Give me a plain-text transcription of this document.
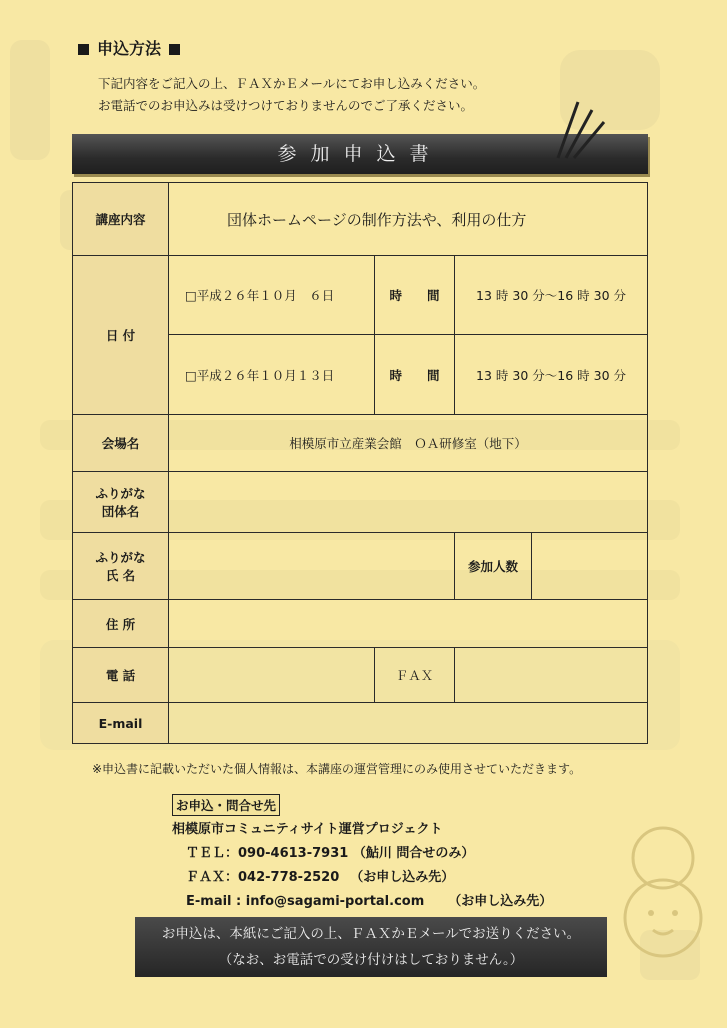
申込方法
下記内容をご記入の上、ＦＡＸかＥメールにてお申し込みください。
お電話でのお申込みは受けつけておりませんのでご了承ください。
参加申込書
講座内容	団体ホームページの制作方法や、利用の仕方			
日 付	□平成２６年１０月　６日	時　　間	13 時 30 分～16 時 30 分	
	□平成２６年１０月１３日	時　　間	13 時 30 分～16 時 30 分	
会場名	相模原市立産業会館　ＯＡ研修室（地下）			

ふりがな
団体名				

ふりがな
氏 名			参加人数	
住 所				
電 話		ＦＡＸ		
E-mail				
※申込書に記載いただいた個人情報は、本講座の運営管理にのみ使用させていただきます。
お申込・問合せ先
相模原市コミュニティサイト運営プロジェクト
ＴＥＬ：090-4613-7931 （鮎川 問合せのみ）
ＦＡＸ：042-778-2520 　（お申し込み先）
E-mail : info@sagami-portal.com 　　（お申し込み先）
お申込は、本紙にご記入の上、ＦＡＸかＥメールでお送りください。
（なお、お電話での受け付けはしておりません。）
